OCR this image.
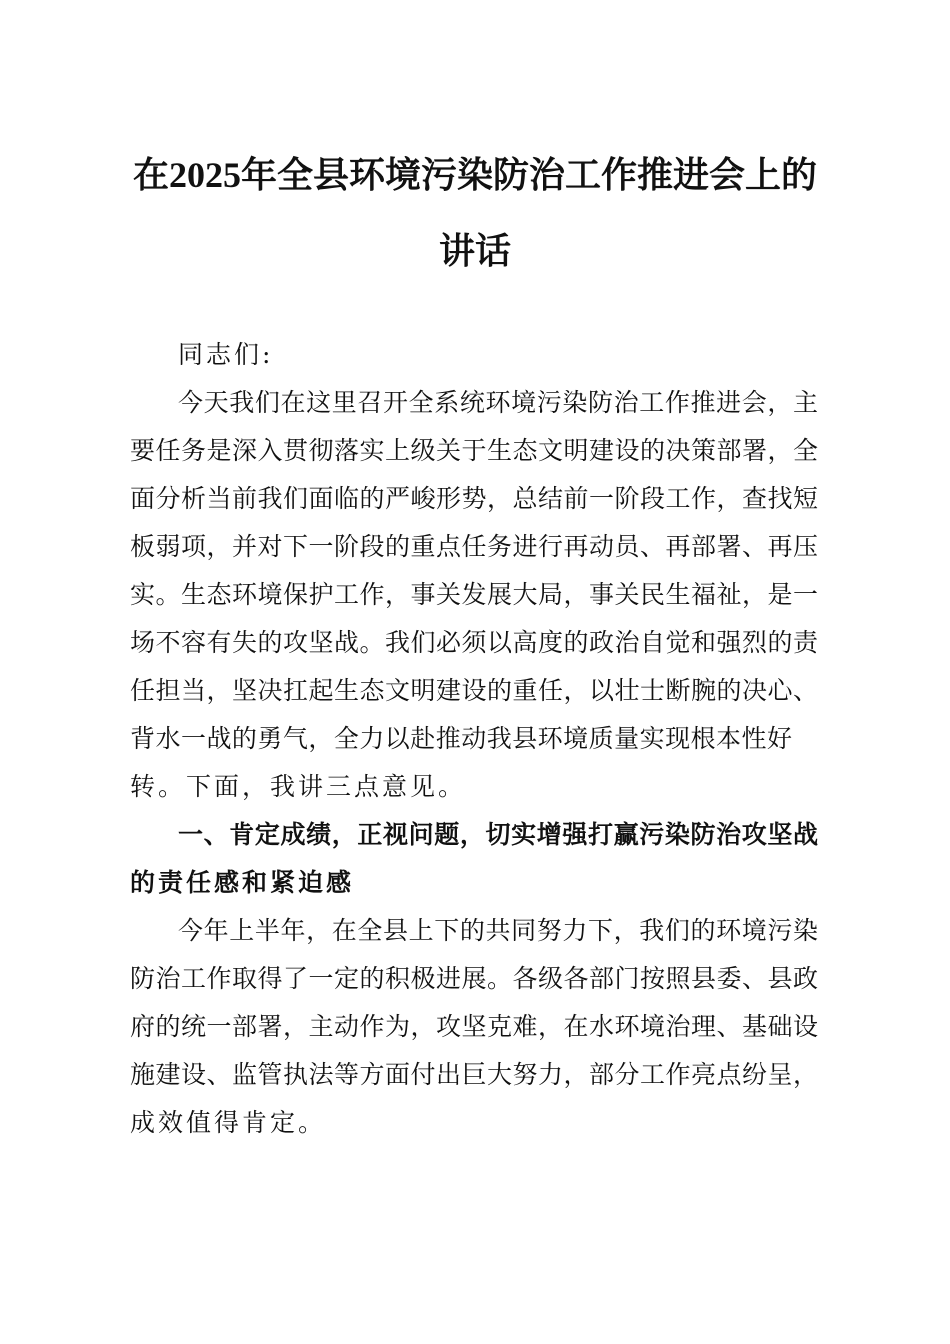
在2025年全县环境污染防治工作推进会上的
讲话
同志们:
今天我们在这里召开全系统环境污染防治工作推进会，主
要任务是深入贯彻落实上级关于生态文明建设的决策部署，全
面分析当前我们面临的严峻形势，总结前一阶段工作，查找短
板弱项，并对下一阶段的重点任务进行再动员、再部署、再压
实。生态环境保护工作，事关发展大局，事关民生福祉，是一
场不容有失的攻坚战。我们必须以高度的政治自觉和强烈的责
任担当，坚决扛起生态文明建设的重任，以壮士断腕的决心、
背水一战的勇气，全力以赴推动我县环境质量实现根本性好
转。下面，我讲三点意见。
一、肯定成绩，正视问题，切实增强打赢污染防治攻坚战
的责任感和紧迫感
今年上半年，在全县上下的共同努力下，我们的环境污染
防治工作取得了一定的积极进展。各级各部门按照县委、县政
府的统一部署，主动作为，攻坚克难，在水环境治理、基础设
施建设、监管执法等方面付出巨大努力，部分工作亮点纷呈，
成效值得肯定。
